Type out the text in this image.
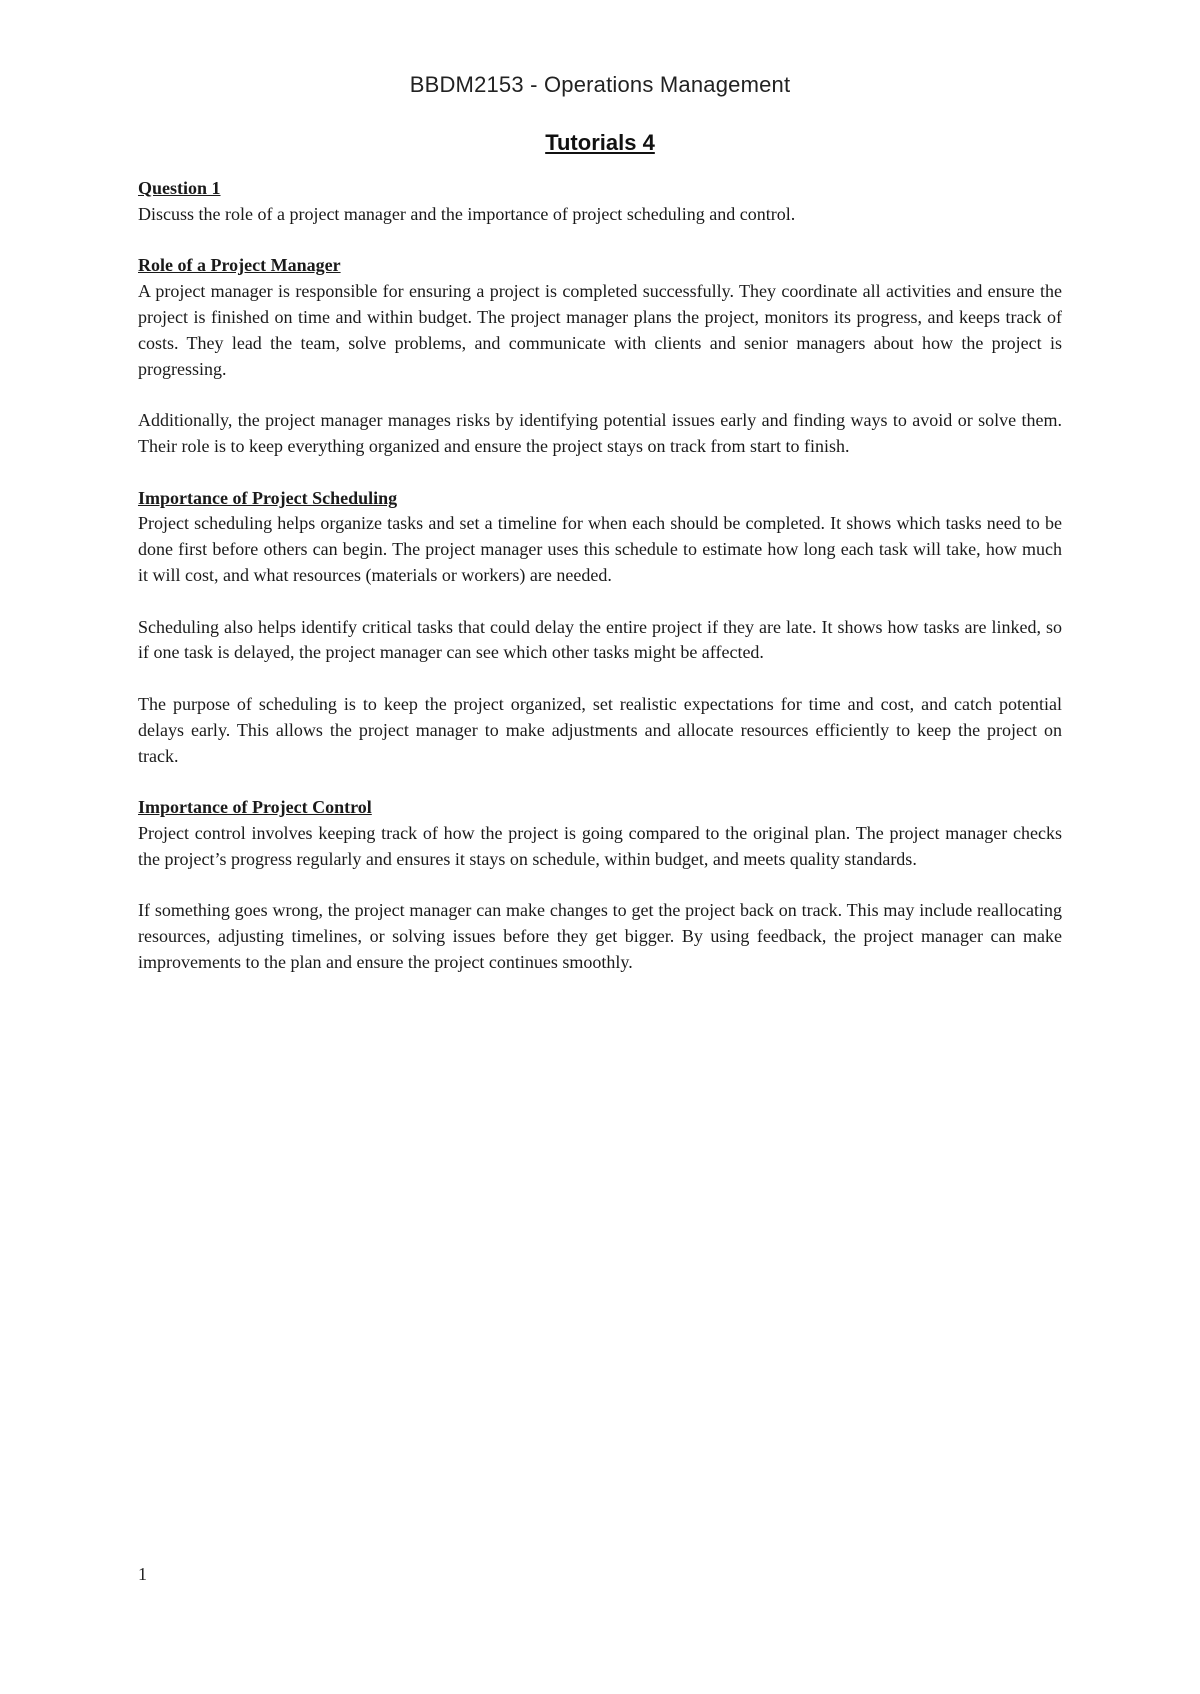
BBDM2153 - Operations Management
Tutorials 4

Question 1

Discuss the role of a project manager and the importance of project scheduling and control.

Role of a Project Manager

A project manager is responsible for ensuring a project is completed successfully. They coordinate all activities and ensure the project is finished on time and within budget. The project manager plans the project, monitors its progress, and keeps track of costs. They lead the team, solve problems, and communicate with clients and senior managers about how the project is progressing.

Additionally, the project manager manages risks by identifying potential issues early and finding ways to avoid or solve them. Their role is to keep everything organized and ensure the project stays on track from start to finish.

Importance of Project Scheduling

Project scheduling helps organize tasks and set a timeline for when each should be completed. It shows which tasks need to be done first before others can begin. The project manager uses this schedule to estimate how long each task will take, how much it will cost, and what resources (materials or workers) are needed.

Scheduling also helps identify critical tasks that could delay the entire project if they are late. It shows how tasks are linked, so if one task is delayed, the project manager can see which other tasks might be affected.

The purpose of scheduling is to keep the project organized, set realistic expectations for time and cost, and catch potential delays early. This allows the project manager to make adjustments and allocate resources efficiently to keep the project on track.

Importance of Project Control

Project control involves keeping track of how the project is going compared to the original plan. The project manager checks the project’s progress regularly and ensures it stays on schedule, within budget, and meets quality standards.

If something goes wrong, the project manager can make changes to get the project back on track. This may include reallocating resources, adjusting timelines, or solving issues before they get bigger. By using feedback, the project manager can make improvements to the plan and ensure the project continues smoothly.

1
